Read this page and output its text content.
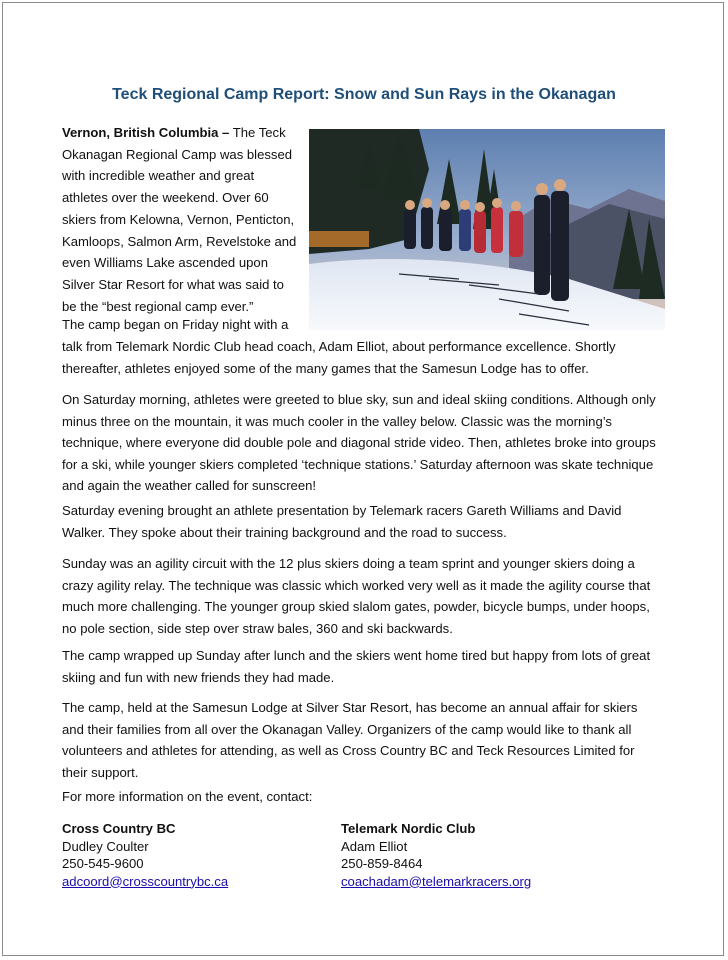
Teck Regional Camp Report: Snow and Sun Rays in the Okanagan

Vernon, British Columbia – The Teck Okanagan Regional Camp was blessed with incredible weather and great athletes over the weekend. Over 60 skiers from Kelowna, Vernon, Penticton, Kamloops, Salmon Arm, Revelstoke and even Williams Lake ascended upon Silver Star Resort for what was said to be the “best regional camp ever.”

The camp began on Friday night with a

talk from Telemark Nordic Club head coach, Adam Elliot, about performance excellence. Shortly thereafter, athletes enjoyed some of the many games that the Samesun Lodge has to offer.

On Saturday morning, athletes were greeted to blue sky, sun and ideal skiing conditions. Although only minus three on the mountain, it was much cooler in the valley below. Classic was the morning’s technique, where everyone did double pole and diagonal stride video. Then, athletes broke into groups for a ski, while younger skiers completed ‘technique stations.’ Saturday afternoon was skate technique and again the weather called for sunscreen!

Saturday evening brought an athlete presentation by Telemark racers Gareth Williams and David Walker. They spoke about their training background and the road to success.

Sunday was an agility circuit with the 12 plus skiers doing a team sprint and younger skiers doing a crazy agility relay. The technique was classic which worked very well as it made the agility course that much more challenging. The younger group skied slalom gates, powder, bicycle bumps, under hoops, no pole section, side step over straw bales, 360 and ski backwards.

The camp wrapped up Sunday after lunch and the skiers went home tired but happy from lots of great skiing and fun with new friends they had made.

The camp, held at the Samesun Lodge at Silver Star Resort, has become an annual affair for skiers and their families from all over the Okanagan Valley. Organizers of the camp would like to thank all volunteers and athletes for attending, as well as Cross Country BC and Teck Resources Limited for their support.

For more information on the event, contact:

Cross Country BC
Dudley Coulter
250-545-9600
adcoord@crosscountrybc.ca
Telemark Nordic Club
Adam Elliot
250-859-8464
coachadam@telemarkracers.org
